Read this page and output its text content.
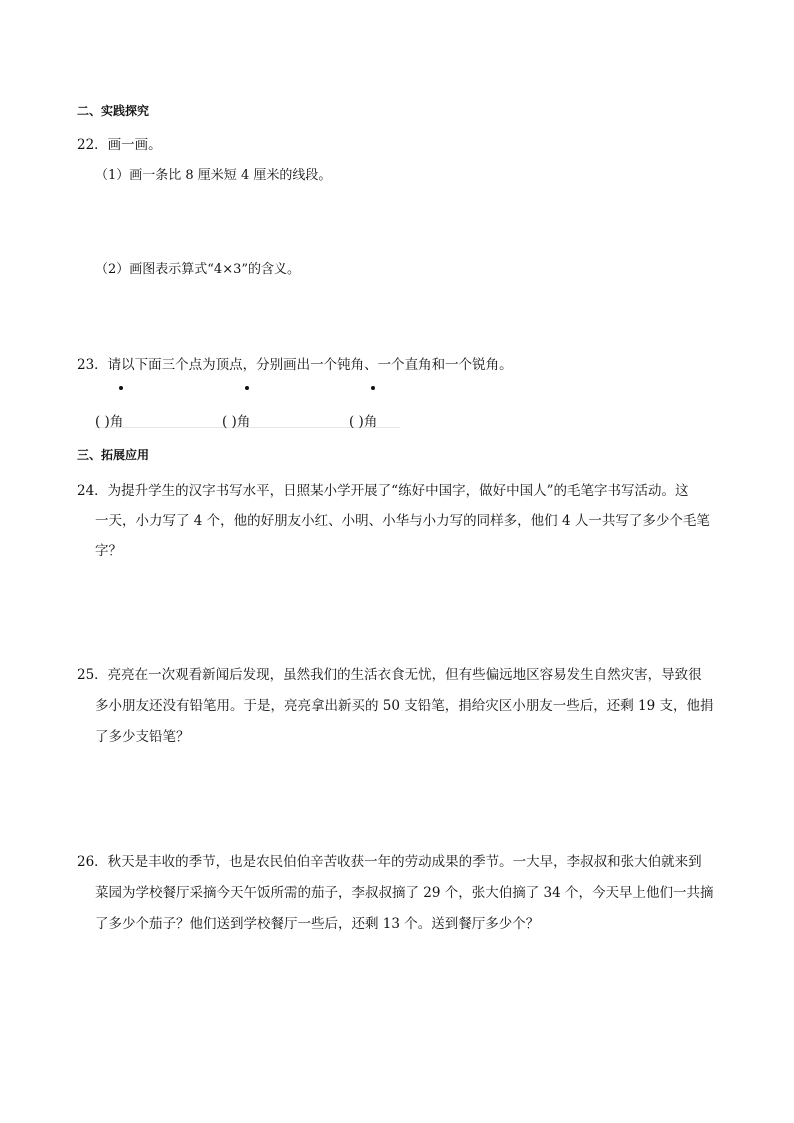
二、实践探究
22．画一画。
（1）画一条比 8 厘米短 4 厘米的线段。
（2）画图表示算式“4×3”的含义。
23．请以下面三个点为顶点，分别画出一个钝角、一个直角和一个锐角。
( )角	( )角	( )角
三、拓展应用
24．为提升学生的汉字书写水平，日照某小学开展了“练好中国字，做好中国人”的毛笔字书写活动。这
一天，小力写了 4 个，他的好朋友小红、小明、小华与小力写的同样多，他们 4 人一共写了多少个毛笔
字？
25．亮亮在一次观看新闻后发现，虽然我们的生活衣食无忧，但有些偏远地区容易发生自然灾害，导致很
多小朋友还没有铅笔用。于是，亮亮拿出新买的 50 支铅笔，捐给灾区小朋友一些后，还剩 19 支，他捐
了多少支铅笔？
26．秋天是丰收的季节，也是农民伯伯辛苦收获一年的劳动成果的季节。一大早，李叔叔和张大伯就来到
菜园为学校餐厅采摘今天午饭所需的茄子，李叔叔摘了 29 个，张大伯摘了 34 个，今天早上他们一共摘
了多少个茄子？他们送到学校餐厅一些后，还剩 13 个。送到餐厅多少个？
